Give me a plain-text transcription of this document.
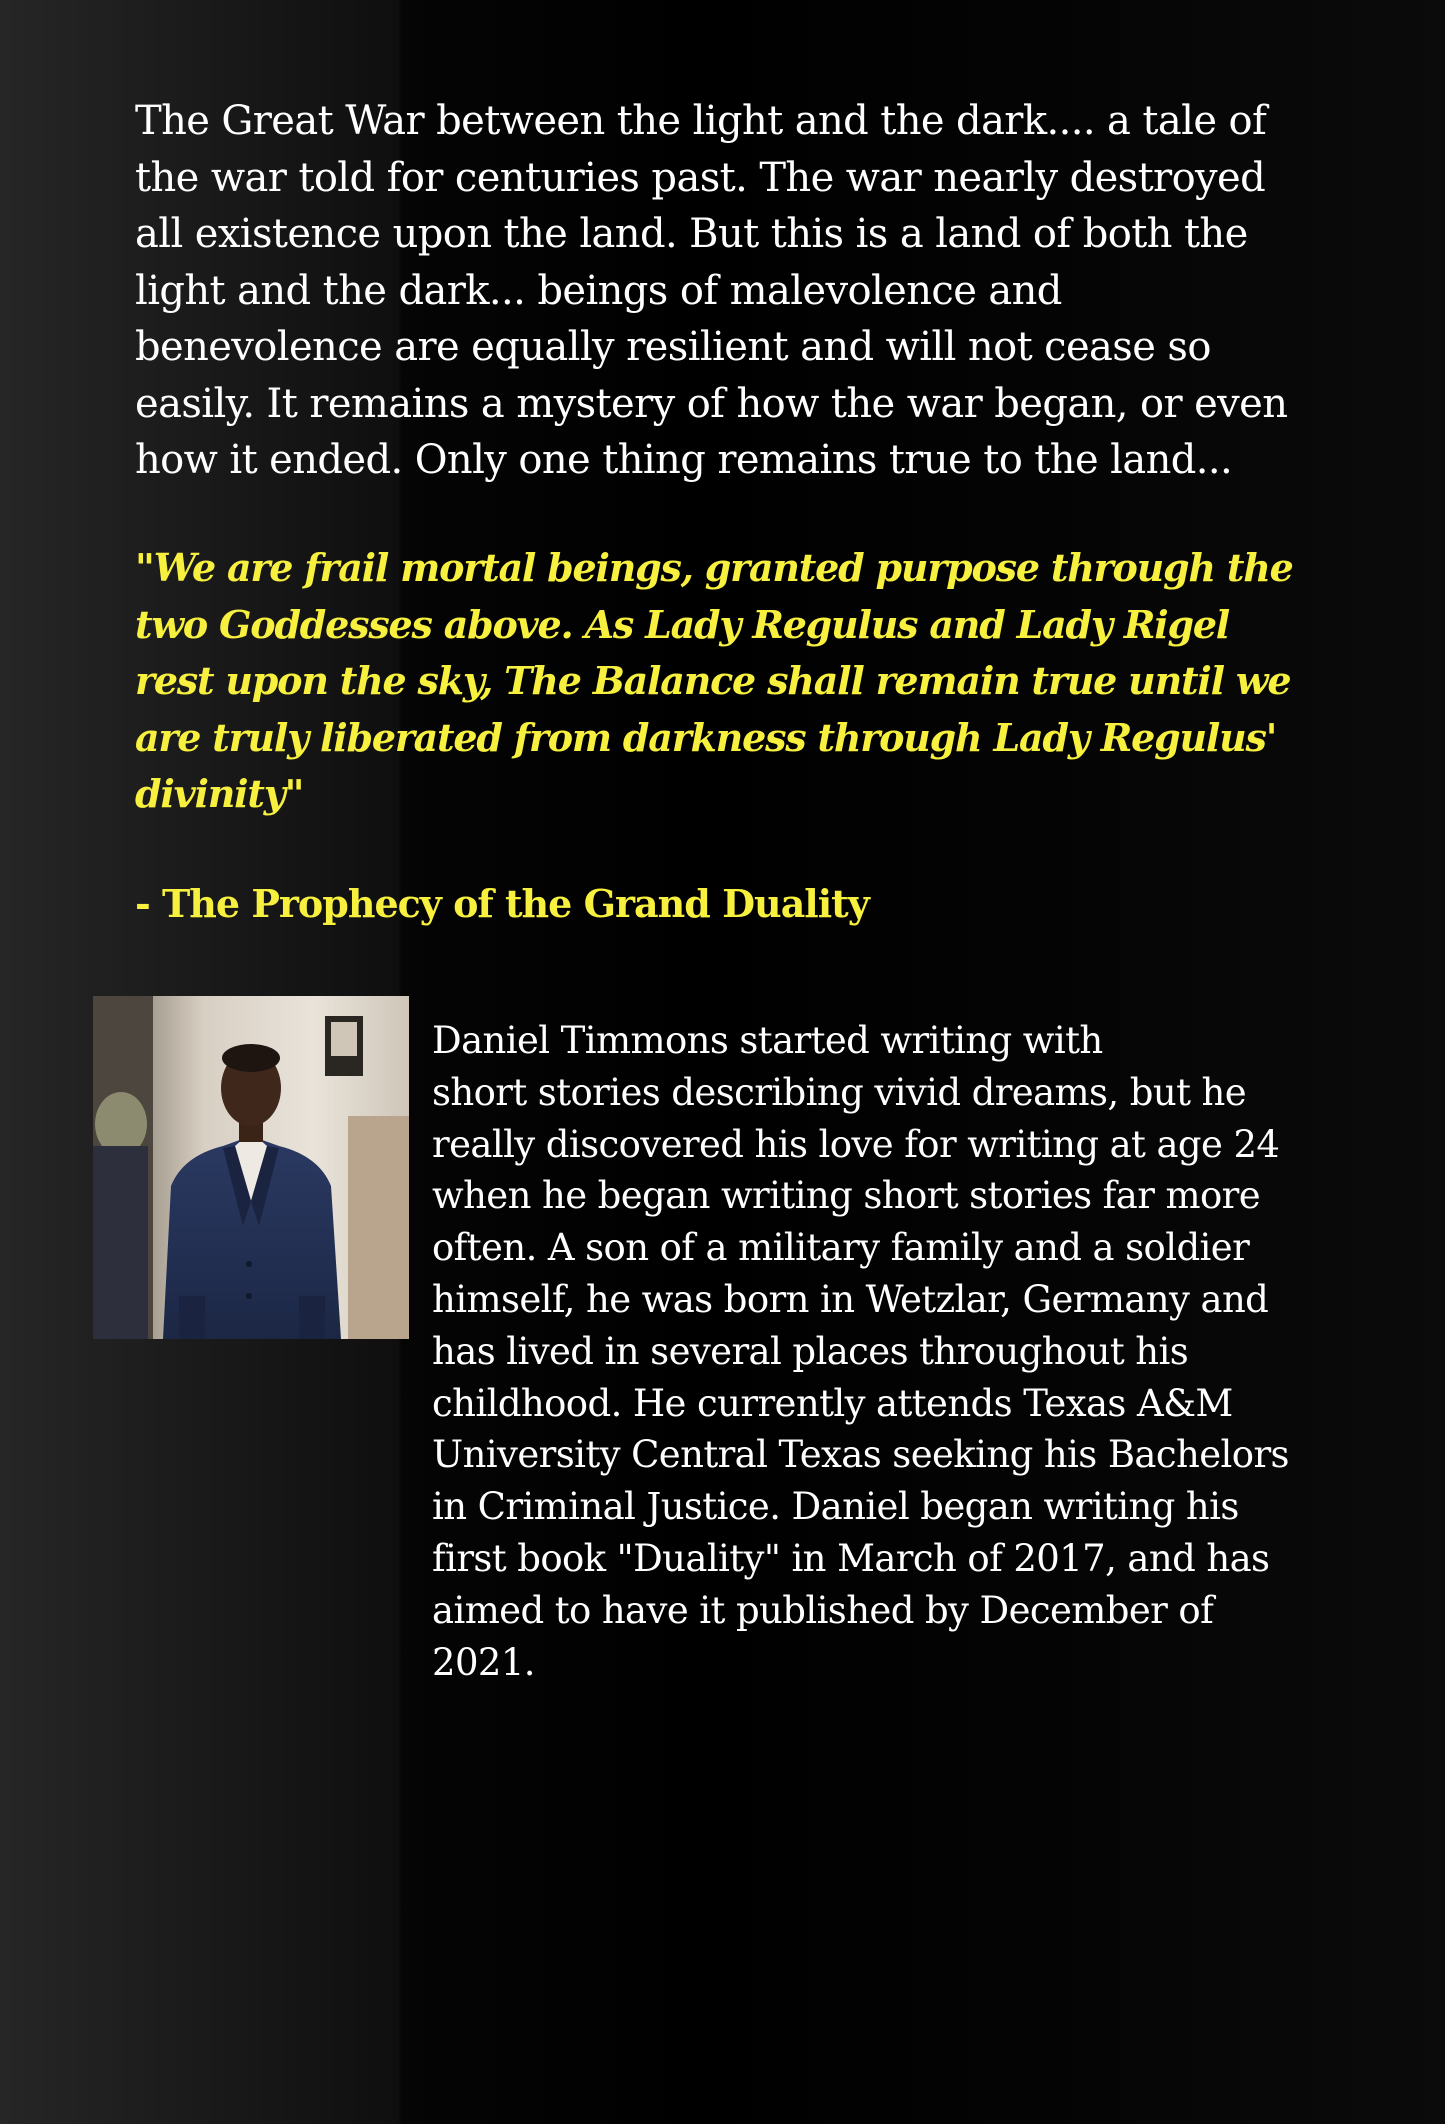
The Great War between the light and the dark.... a tale of
the war told for centuries past. The war nearly destroyed
all existence upon the land. But this is a land of both the
light and the dark... beings of malevolence and
benevolence are equally resilient and will not cease so
easily. It remains a mystery of how the war began, or even
how it ended. Only one thing remains true to the land...

"We are frail mortal beings, granted purpose through the
two Goddesses above. As Lady Regulus and Lady Rigel
rest upon the sky, The Balance shall remain true until we
are truly liberated from darkness through Lady Regulus'
divinity"

- The Prophecy of the Grand Duality

Daniel Timmons started writing with
short stories describing vivid dreams, but he
really discovered his love for writing at age 24
when he began writing short stories far more
often. A son of a military family and a soldier
himself, he was born in Wetzlar, Germany and
has lived in several places throughout his
childhood. He currently attends Texas A&M
University Central Texas seeking his Bachelors
in Criminal Justice. Daniel began writing his
first book "Duality" in March of 2017, and has
aimed to have it published by December of
2021.
